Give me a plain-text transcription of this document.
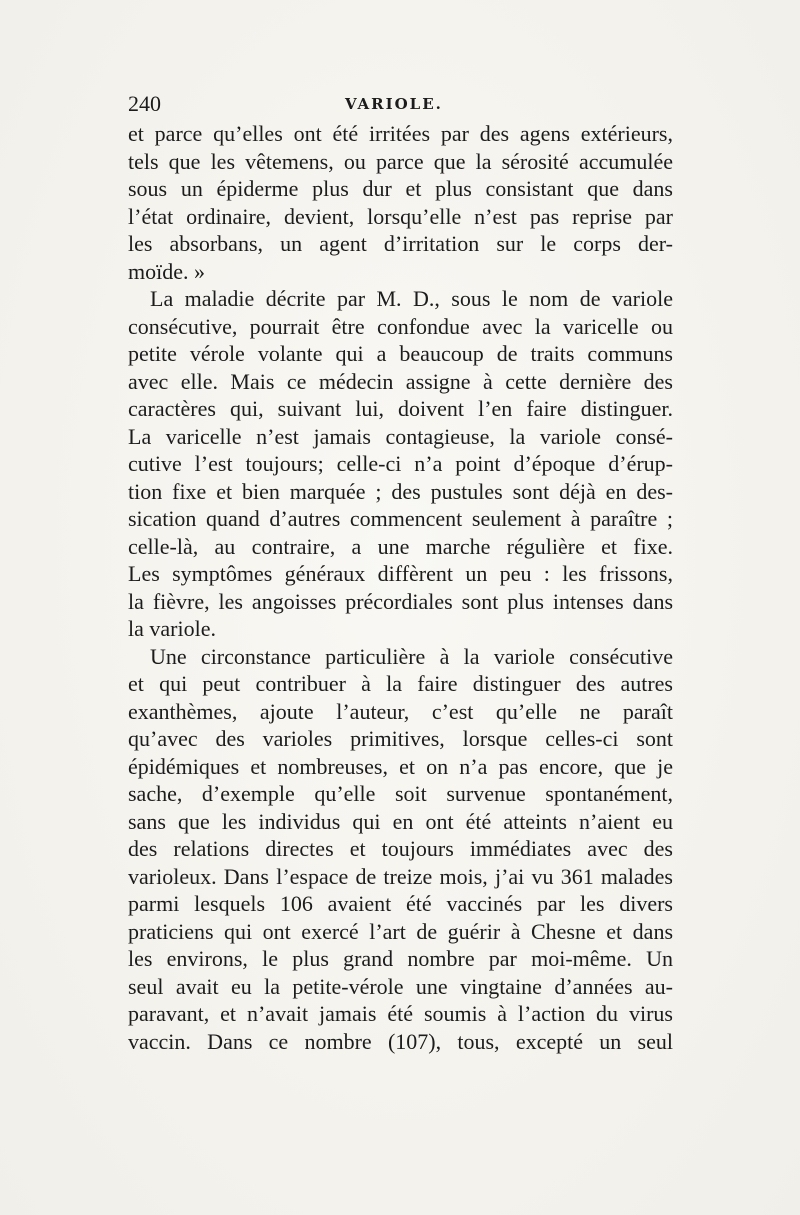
240	VARIOLE.
et parce qu’elles ont été irritées par des agens extérieurs,
tels que les vêtemens, ou parce que la sérosité accumulée
sous un épiderme plus dur et plus consistant que dans
l’état ordinaire, devient, lorsqu’elle n’est pas reprise par
les absorbans, un agent d’irritation sur le corps der-
moïde. »
La maladie décrite par M. D., sous le nom de variole
consécutive, pourrait être confondue avec la varicelle ou
petite vérole volante qui a beaucoup de traits communs
avec elle. Mais ce médecin assigne à cette dernière des
caractères qui, suivant lui, doivent l’en faire distinguer.
La varicelle n’est jamais contagieuse, la variole consé-
cutive l’est toujours; celle-ci n’a point d’époque d’érup-
tion fixe et bien marquée ; des pustules sont déjà en des-
sication quand d’autres commencent seulement à paraître ;
celle-là, au contraire, a une marche régulière et fixe.
Les symptômes généraux diffèrent un peu : les frissons,
la fièvre, les angoisses précordiales sont plus intenses dans
la variole.
Une circonstance particulière à la variole consécutive
et qui peut contribuer à la faire distinguer des autres
exanthèmes, ajoute l’auteur, c’est qu’elle ne paraît
qu’avec des varioles primitives, lorsque celles-ci sont
épidémiques et nombreuses, et on n’a pas encore, que je
sache, d’exemple qu’elle soit survenue spontanément,
sans que les individus qui en ont été atteints n’aient eu
des relations directes et toujours immédiates avec des
varioleux. Dans l’espace de treize mois, j’ai vu 361 malades
parmi lesquels 106 avaient été vaccinés par les divers
praticiens qui ont exercé l’art de guérir à Chesne et dans
les environs, le plus grand nombre par moi-même. Un
seul avait eu la petite-vérole une vingtaine d’années au-
paravant, et n’avait jamais été soumis à l’action du virus
vaccin. Dans ce nombre (107), tous, excepté un seul
